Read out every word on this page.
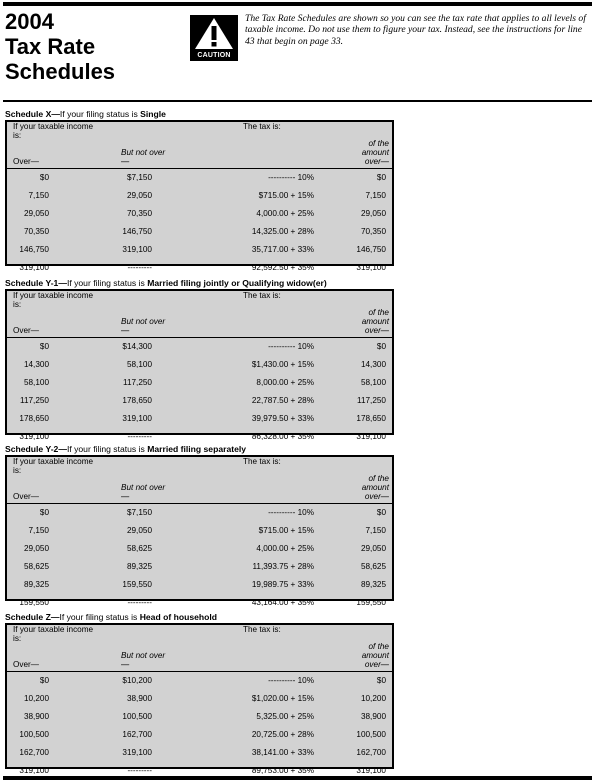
2004
Tax Rate
Schedules
CAUTION
The Tax Rate Schedules are shown so you can see the tax rate that applies to all levels of taxable income. Do not use them to figure your tax. Instead, see the instructions for line 43 that begin on page 33.
Schedule X—If your filing status is Single
If your taxable income is:
Over—
But not over—
The tax is:
of the amount over—
$0	$7,150	---------- 10%	$0
7,150	29,050	$715.00 + 15%	7,150
29,050	70,350	4,000.00 + 25%	29,050
70,350	146,750	14,325.00 + 28%	70,350
146,750	319,100	35,717.00 + 33%	146,750
319,100	---------	92,592.50 + 35%	319,100
Schedule Y-1—If your filing status is Married filing jointly or Qualifying widow(er)
If your taxable income is:
Over—
But not over—
The tax is:
of the amount over—
$0	$14,300	---------- 10%	$0
14,300	58,100	$1,430.00 + 15%	14,300
58,100	117,250	8,000.00 + 25%	58,100
117,250	178,650	22,787.50 + 28%	117,250
178,650	319,100	39,979.50 + 33%	178,650
319,100	---------	86,328.00 + 35%	319,100
Schedule Y-2—If your filing status is Married filing separately
If your taxable income is:
Over—
But not over—
The tax is:
of the amount over—
$0	$7,150	---------- 10%	$0
7,150	29,050	$715.00 + 15%	7,150
29,050	58,625	4,000.00 + 25%	29,050
58,625	89,325	11,393.75 + 28%	58,625
89,325	159,550	19,989.75 + 33%	89,325
159,550	---------	43,164.00 + 35%	159,550
Schedule Z—If your filing status is Head of household
If your taxable income is:
Over—
But not over—
The tax is:
of the amount over—
$0	$10,200	---------- 10%	$0
10,200	38,900	$1,020.00 + 15%	10,200
38,900	100,500	5,325.00 + 25%	38,900
100,500	162,700	20,725.00 + 28%	100,500
162,700	319,100	38,141.00 + 33%	162,700
319,100	---------	89,753.00 + 35%	319,100
